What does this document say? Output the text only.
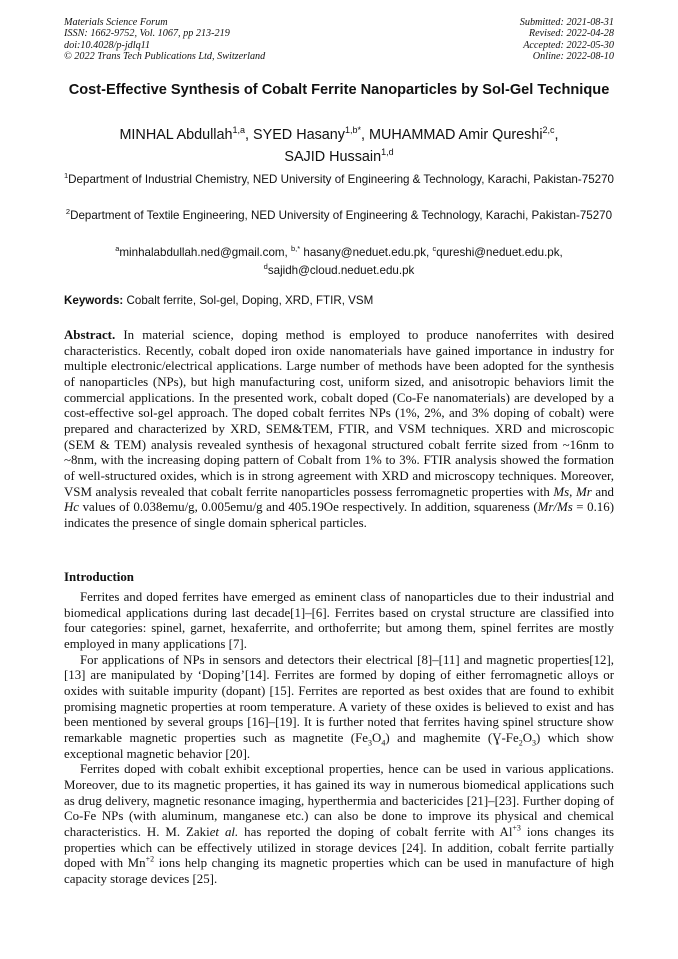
Materials Science Forum
ISSN: 1662-9752, Vol. 1067, pp 213-219
doi:10.4028/p-jdlq11
© 2022 Trans Tech Publications Ltd, Switzerland
Submitted: 2021-08-31
Revised: 2022-04-28
Accepted: 2022-05-30
Online: 2022-08-10
Cost-Effective Synthesis of Cobalt Ferrite Nanoparticles by Sol-Gel Technique
MINHAL Abdullah$^{1,a}$, SYED Hasany$^{1,b*}$, MUHAMMAD Amir Qureshi$^{2,c}$,
SAJID Hussain$^{1,d}$
$^1$Department of Industrial Chemistry, NED University of Engineering & Technology, Karachi, Pakistan-75270
$^2$Department of Textile Engineering, NED University of Engineering & Technology, Karachi, Pakistan-75270
$^a$minhalabdullah.ned@gmail.com, $^{b,*}$ hasany@neduet.edu.pk, $^c$qureshi@neduet.edu.pk,
$^d$sajidh@cloud.neduet.edu.pk
Keywords: Cobalt ferrite, Sol-gel, Doping, XRD, FTIR, VSM
Abstract. In material science, doping method is employed to produce nanoferrites with desired characteristics. Recently, cobalt doped iron oxide nanomaterials have gained importance in industry for multiple electronic/electrical applications. Large number of methods have been adopted for the synthesis of nanoparticles (NPs), but high manufacturing cost, uniform sized, and anisotropic behaviors limit the commercial applications. In the presented work, cobalt doped (Co-Fe nanomaterials) are developed by a cost-effective sol-gel approach. The doped cobalt ferrites NPs (1%, 2%, and 3% doping of cobalt) were prepared and characterized by XRD, SEM&TEM, FTIR, and VSM techniques. XRD and microscopic (SEM & TEM) analysis revealed synthesis of hexagonal structured cobalt ferrite sized from ~16nm to ~8nm, with the increasing doping pattern of Cobalt from 1% to 3%. FTIR analysis showed the formation of well-structured oxides, which is in strong agreement with XRD and microscopy techniques. Moreover, VSM analysis revealed that cobalt ferrite nanoparticles possess ferromagnetic properties with Ms, Mr and Hc values of 0.038emu/g, 0.005emu/g and 405.19Oe respectively. In addition, squareness (Mr/Ms = 0.16) indicates the presence of single domain spherical particles.
Introduction

Ferrites and doped ferrites have emerged as eminent class of nanoparticles due to their industrial and biomedical applications during last decade[1]–[6]. Ferrites based on crystal structure are classified into four categories: spinel, garnet, hexaferrite, and orthoferrite; but among them, spinel ferrites are mostly employed in many applications [7].

For applications of NPs in sensors and detectors their electrical [8]–[11] and magnetic properties[12], [13] are manipulated by ‘Doping’[14]. Ferrites are formed by doping of either ferromagnetic alloys or oxides with suitable impurity (dopant) [15]. Ferrites are reported as best oxides that are found to exhibit promising magnetic properties at room temperature. A variety of these oxides is believed to exist and has been mentioned by several groups [16]–[19]. It is further noted that ferrites having spinel structure show remarkable magnetic properties such as magnetite $(Fe_3O_4)$ and maghemite $(Ɣ-Fe_2O_3)$ which show exceptional magnetic behavior [20].

Ferrites doped with cobalt exhibit exceptional properties, hence can be used in various applications. Moreover, due to its magnetic properties, it has gained its way in numerous biomedical applications such as drug delivery, magnetic resonance imaging, hyperthermia and bactericides [21]–[23]. Further doping of Co-Fe NPs (with aluminum, manganese etc.) can also be done to improve its physical and chemical characteristics. H. M. Zakiet al. has reported the doping of cobalt ferrite with $Al^{+3}$ ions changes its properties which can be effectively utilized in storage devices [24]. In addition, cobalt ferrite partially doped with $Mn^{+2}$ ions help changing its magnetic properties which can be used in manufacture of high capacity storage devices [25].
